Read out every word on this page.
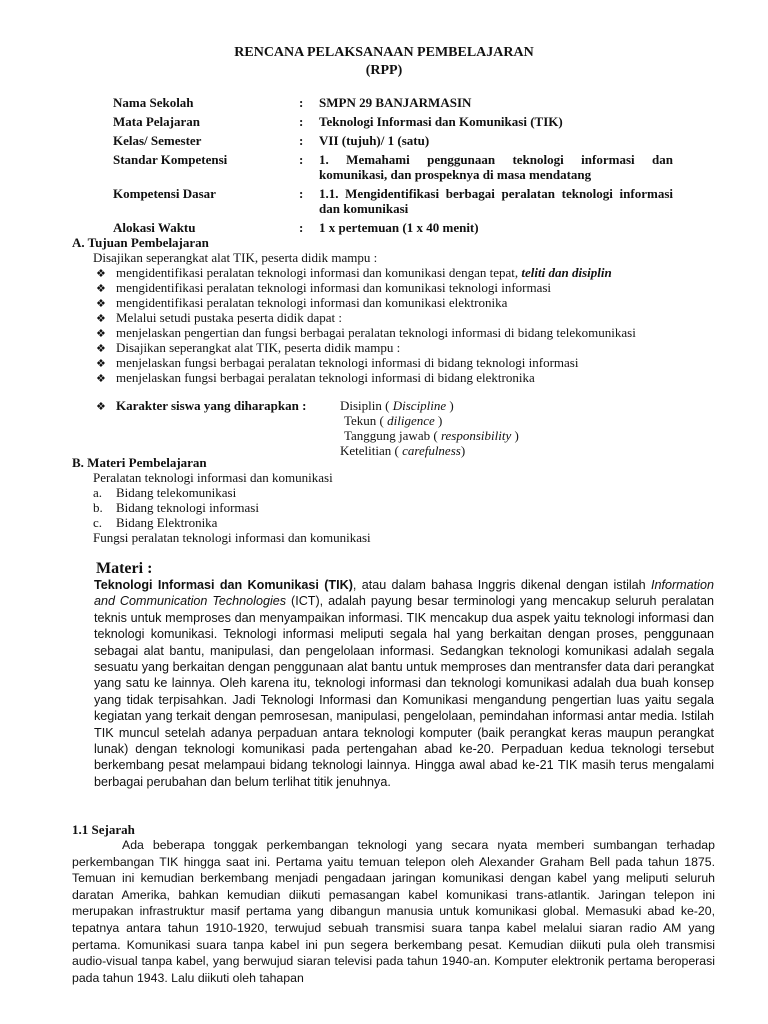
RENCANA PELAKSANAAN PEMBELAJARAN
(RPP)
Nama Sekolah	:	SMPN 29 BANJARMASIN
Mata Pelajaran	:	Teknologi Informasi dan Komunikasi (TIK)
Kelas/ Semester	:	VII (tujuh)/ 1 (satu)
Standar Kompetensi	:	1. Memahami penggunaan teknologi informasi dan komunikasi, dan prospeknya di masa mendatang
Kompetensi Dasar	:	1.1. Mengidentifikasi berbagai peralatan teknologi informasi dan komunikasi
Alokasi Waktu	:	1 x pertemuan (1 x 40 menit)
A. Tujuan Pembelajaran
Disajikan seperangkat alat TIK, peserta didik mampu :
❖ mengidentifikasi peralatan teknologi informasi dan komunikasi dengan tepat, teliti dan disiplin
❖ mengidentifikasi peralatan teknologi informasi dan komunikasi teknologi informasi
❖ mengidentifikasi peralatan teknologi informasi dan komunikasi elektronika
❖ Melalui setudi pustaka peserta didik dapat :
❖ menjelaskan pengertian dan fungsi berbagai peralatan teknologi informasi di bidang telekomunikasi
❖ Disajikan seperangkat alat TIK, peserta didik mampu :
❖ menjelaskan fungsi berbagai peralatan teknologi informasi di bidang teknologi informasi
❖ menjelaskan fungsi berbagai peralatan teknologi informasi di bidang elektronika
❖ Karakter siswa yang diharapkan :	Disiplin ( Discipline )
Tekun ( diligence )
Tanggung jawab ( responsibility )
Ketelitian ( carefulness)
B. Materi Pembelajaran
Peralatan teknologi informasi dan komunikasi
a. Bidang telekomunikasi
b. Bidang teknologi informasi
c. Bidang Elektronika
Fungsi peralatan teknologi informasi dan komunikasi
Materi :
Teknologi Informasi dan Komunikasi (TIK), atau dalam bahasa Inggris dikenal dengan istilah Information and Communication Technologies (ICT), adalah payung besar terminologi yang mencakup seluruh peralatan teknis untuk memproses dan menyampaikan informasi. TIK mencakup dua aspek yaitu teknologi informasi dan teknologi komunikasi. Teknologi informasi meliputi segala hal yang berkaitan dengan proses, penggunaan sebagai alat bantu, manipulasi, dan pengelolaan informasi. Sedangkan teknologi komunikasi adalah segala sesuatu yang berkaitan dengan penggunaan alat bantu untuk memproses dan mentransfer data dari perangkat yang satu ke lainnya. Oleh karena itu, teknologi informasi dan teknologi komunikasi adalah dua buah konsep yang tidak terpisahkan. Jadi Teknologi Informasi dan Komunikasi mengandung pengertian luas yaitu segala kegiatan yang terkait dengan pemrosesan, manipulasi, pengelolaan, pemindahan informasi antar media. Istilah TIK muncul setelah adanya perpaduan antara teknologi komputer (baik perangkat keras maupun perangkat lunak) dengan teknologi komunikasi pada pertengahan abad ke-20. Perpaduan kedua teknologi tersebut berkembang pesat melampaui bidang teknologi lainnya. Hingga awal abad ke-21 TIK masih terus mengalami berbagai perubahan dan belum terlihat titik jenuhnya.
1.1 Sejarah
Ada beberapa tonggak perkembangan teknologi yang secara nyata memberi sumbangan terhadap perkembangan TIK hingga saat ini. Pertama yaitu temuan telepon oleh Alexander Graham Bell pada tahun 1875. Temuan ini kemudian berkembang menjadi pengadaan jaringan komunikasi dengan kabel yang meliputi seluruh daratan Amerika, bahkan kemudian diikuti pemasangan kabel komunikasi trans-atlantik. Jaringan telepon ini merupakan infrastruktur masif pertama yang dibangun manusia untuk komunikasi global. Memasuki abad ke-20, tepatnya antara tahun 1910-1920, terwujud sebuah transmisi suara tanpa kabel melalui siaran radio AM yang pertama. Komunikasi suara tanpa kabel ini pun segera berkembang pesat. Kemudian diikuti pula oleh transmisi audio-visual tanpa kabel, yang berwujud siaran televisi pada tahun 1940-an. Komputer elektronik pertama beroperasi pada tahun 1943. Lalu diikuti oleh tahapan
